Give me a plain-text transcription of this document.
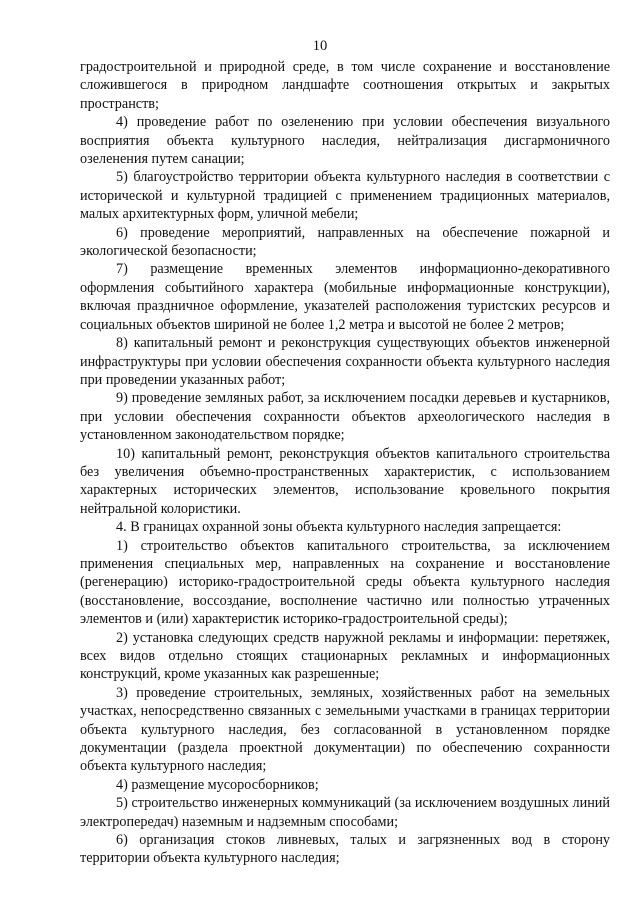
10

градостроительной и природной среде, в том числе сохранение и восстановление сложившегося в природном ландшафте соотношения открытых и закрытых пространств;

4) проведение работ по озеленению при условии обеспечения визуального восприятия объекта культурного наследия, нейтрализация дисгармоничного озеленения путем санации;

5) благоустройство территории объекта культурного наследия в соответствии с исторической и культурной традицией с применением традиционных материалов, малых архитектурных форм, уличной мебели;

6) проведение мероприятий, направленных на обеспечение пожарной и экологической безопасности;

7) размещение временных элементов информационно-декоративного оформления событийного характера (мобильные информационные конструкции), включая праздничное оформление, указателей расположения туристских ресурсов и социальных объектов шириной не более 1,2 метра и высотой не более 2 метров;

8) капитальный ремонт и реконструкция существующих объектов инженерной инфраструктуры при условии обеспечения сохранности объекта культурного наследия при проведении указанных работ;

9) проведение земляных работ, за исключением посадки деревьев и кустарников, при условии обеспечения сохранности объектов археологического наследия в установленном законодательством порядке;

10) капитальный ремонт, реконструкция объектов капитального строительства без увеличения объемно-пространственных характеристик, с использованием характерных исторических элементов, использование кровельного покрытия нейтральной колористики.

4. В границах охранной зоны объекта культурного наследия запрещается:

1) строительство объектов капитального строительства, за исключением применения специальных мер, направленных на сохранение и восстановление (регенерацию) историко-градостроительной среды объекта культурного наследия (восстановление, воссоздание, восполнение частично или полностью утраченных элементов и (или) характеристик историко-градостроительной среды);

2) установка следующих средств наружной рекламы и информации: перетяжек, всех видов отдельно стоящих стационарных рекламных и информационных конструкций, кроме указанных как разрешенные;

3) проведение строительных, земляных, хозяйственных работ на земельных участках, непосредственно связанных с земельными участками в границах территории объекта культурного наследия, без согласованной в установленном порядке документации (раздела проектной документации) по обеспечению сохранности объекта культурного наследия;

4) размещение мусоросборников;

5) строительство инженерных коммуникаций (за исключением воздушных линий электропередач) наземным и надземным способами;

6) организация стоков ливневых, талых и загрязненных вод в сторону территории объекта культурного наследия;
